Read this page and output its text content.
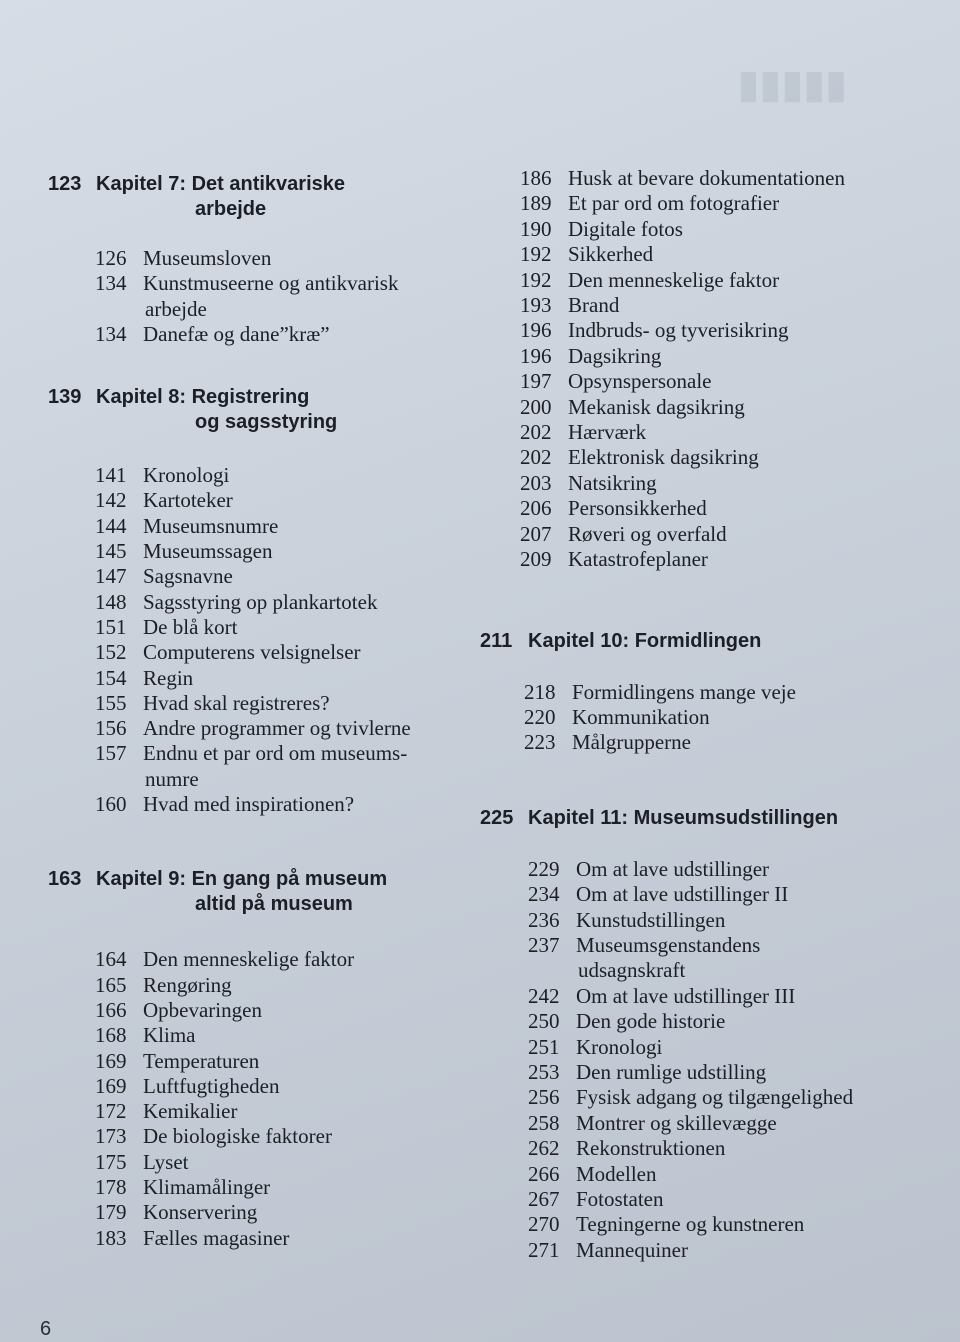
▮▮▮▮▮
123 Kapitel 7: Det antikvariske
arbejde
126 Museumsloven
134 Kunstmuseerne og antikvarisk
arbejde
134 Danefæ og dane”kræ”
139 Kapitel 8: Registrering
og sagsstyring
141 Kronologi
142 Kartoteker
144 Museumsnumre
145 Museumssagen
147 Sagsnavne
148 Sagsstyring op plankartotek
151 De blå kort
152 Computerens velsignelser
154 Regin
155 Hvad skal registreres?
156 Andre programmer og tvivlerne
157 Endnu et par ord om museums-
numre
160 Hvad med inspirationen?
163 Kapitel 9: En gang på museum
altid på museum
164 Den menneskelige faktor
165 Rengøring
166 Opbevaringen
168 Klima
169 Temperaturen
169 Luftfugtigheden
172 Kemikalier
173 De biologiske faktorer
175 Lyset
178 Klimamålinger
179 Konservering
183 Fælles magasiner
186 Husk at bevare dokumentationen
189 Et par ord om fotografier
190 Digitale fotos
192 Sikkerhed
192 Den menneskelige faktor
193 Brand
196 Indbruds- og tyverisikring
196 Dagsikring
197 Opsynspersonale
200 Mekanisk dagsikring
202 Hærværk
202 Elektronisk dagsikring
203 Natsikring
206 Personsikkerhed
207 Røveri og overfald
209 Katastrofeplaner
211 Kapitel 10: Formidlingen
218 Formidlingens mange veje
220 Kommunikation
223 Målgrupperne
225 Kapitel 11: Museumsudstillingen
229 Om at lave udstillinger
234 Om at lave udstillinger II
236 Kunstudstillingen
237 Museumsgenstandens
udsagnskraft
242 Om at lave udstillinger III
250 Den gode historie
251 Kronologi
253 Den rumlige udstilling
256 Fysisk adgang og tilgængelighed
258 Montrer og skillevægge
262 Rekonstruktionen
266 Modellen
267 Fotostaten
270 Tegningerne og kunstneren
271 Mannequiner
6
